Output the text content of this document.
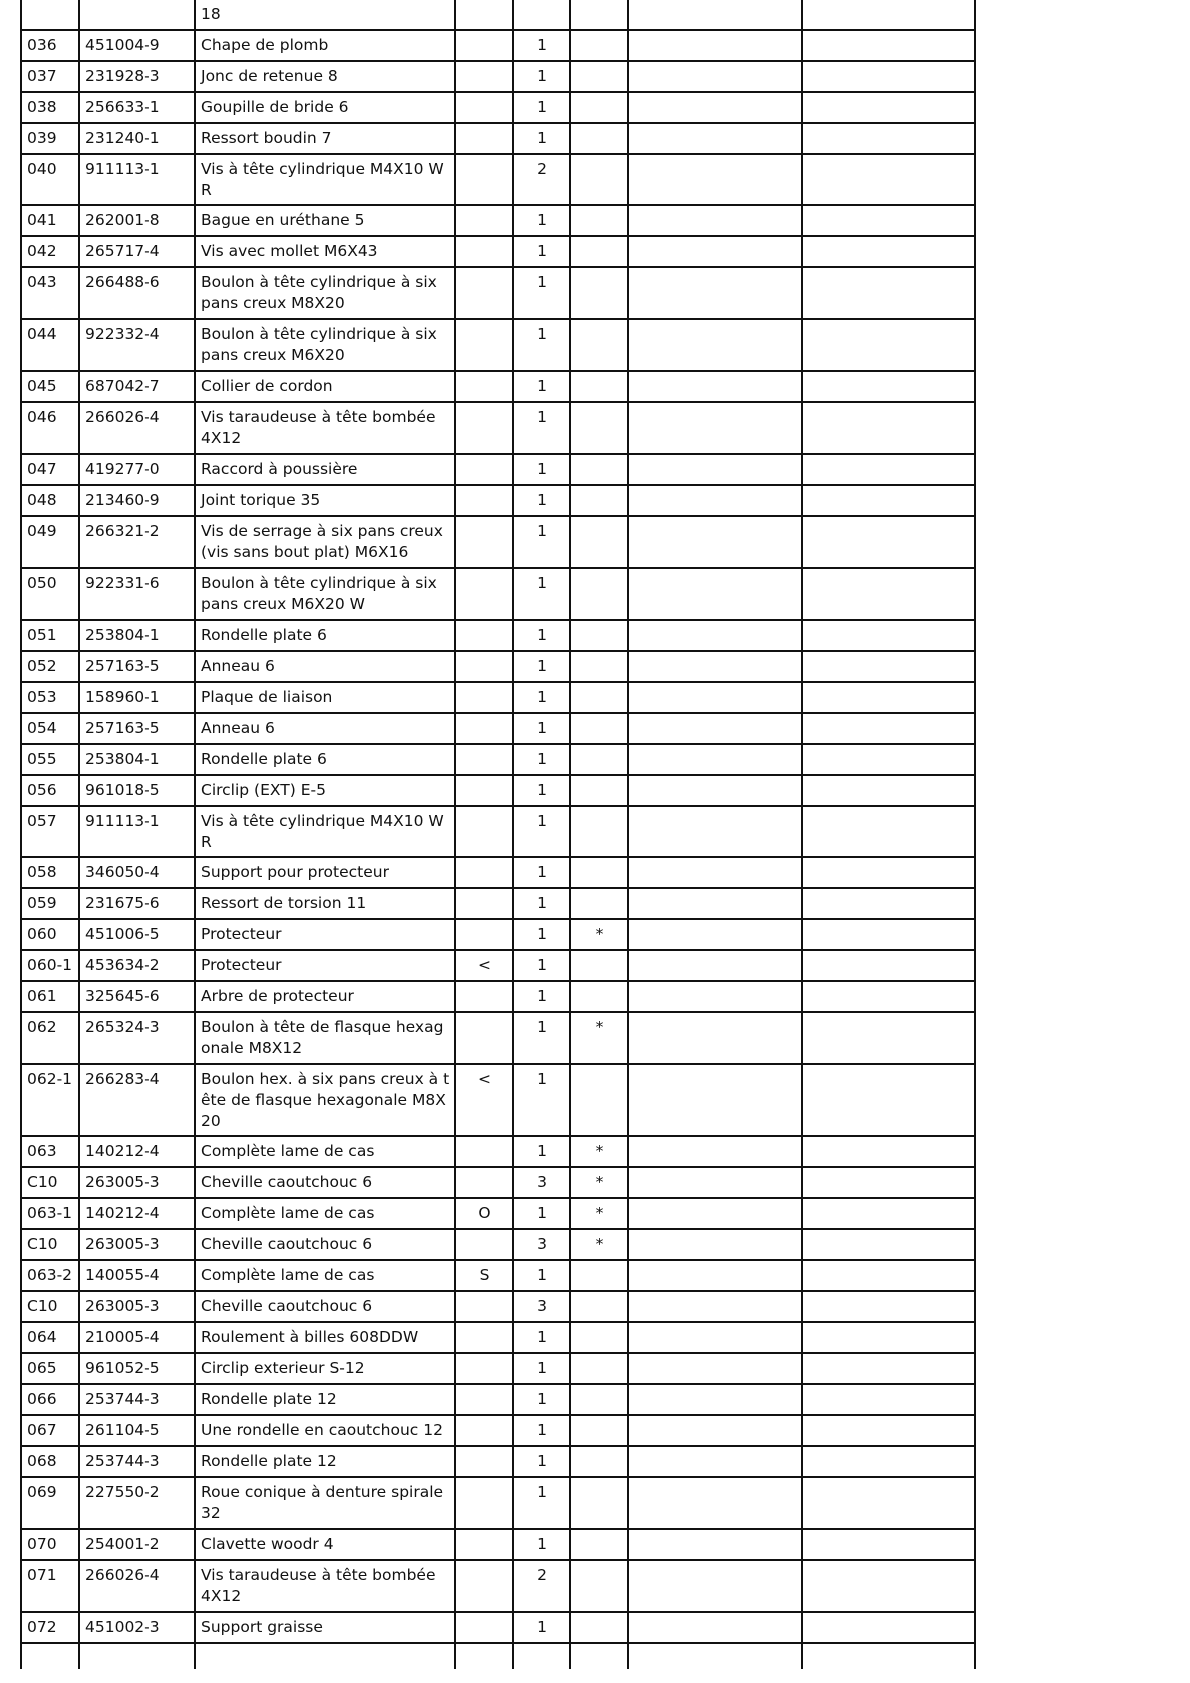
		18					
036	451004-9	Chape de plomb		1			
037	231928-3	Jonc de retenue 8		1			
038	256633-1	Goupille de bride 6		1			
039	231240-1	Ressort boudin 7		1			
040	911113-1	Vis à tête cylindrique M4X10 WR		2			
041	262001-8	Bague en uréthane 5		1			
042	265717-4	Vis avec mollet M6X43		1			
043	266488-6	Boulon à tête cylindrique à six pans creux M8X20		1			
044	922332-4	Boulon à tête cylindrique à six pans creux M6X20		1			
045	687042-7	Collier de cordon		1			
046	266026-4	Vis taraudeuse à tête bombée 4X12		1			
047	419277-0	Raccord à poussière		1			
048	213460-9	Joint torique 35		1			
049	266321-2	Vis de serrage à six pans creux (vis sans bout plat) M6X16		1			
050	922331-6	Boulon à tête cylindrique à six pans creux M6X20 W		1			
051	253804-1	Rondelle plate 6		1			
052	257163-5	Anneau 6		1			
053	158960-1	Plaque de liaison		1			
054	257163-5	Anneau 6		1			
055	253804-1	Rondelle plate 6		1			
056	961018-5	Circlip (EXT) E-5		1			
057	911113-1	Vis à tête cylindrique M4X10 WR		1			
058	346050-4	Support pour protecteur		1			
059	231675-6	Ressort de torsion 11		1			
060	451006-5	Protecteur		1	*		
060-1	453634-2	Protecteur	<	1			
061	325645-6	Arbre de protecteur		1			
062	265324-3	Boulon à tête de flasque hexagonale M8X12		1	*		
062-1	266283-4	Boulon hex. à six pans creux à tête de flasque hexagonale M8X20	<	1			
063	140212-4	Complète lame de cas		1	*		
C10	263005-3	Cheville caoutchouc 6		3	*		
063-1	140212-4	Complète lame de cas	O	1	*		
C10	263005-3	Cheville caoutchouc 6		3	*		
063-2	140055-4	Complète lame de cas	S	1			
C10	263005-3	Cheville caoutchouc 6		3			
064	210005-4	Roulement à billes 608DDW		1			
065	961052-5	Circlip exterieur S-12		1			
066	253744-3	Rondelle plate 12		1			
067	261104-5	Une rondelle en caoutchouc 12		1			
068	253744-3	Rondelle plate 12		1			
069	227550-2	Roue conique à denture spirale 32		1			
070	254001-2	Clavette woodr 4		1			
071	266026-4	Vis taraudeuse à tête bombée 4X12		2			
072	451002-3	Support graisse		1			
